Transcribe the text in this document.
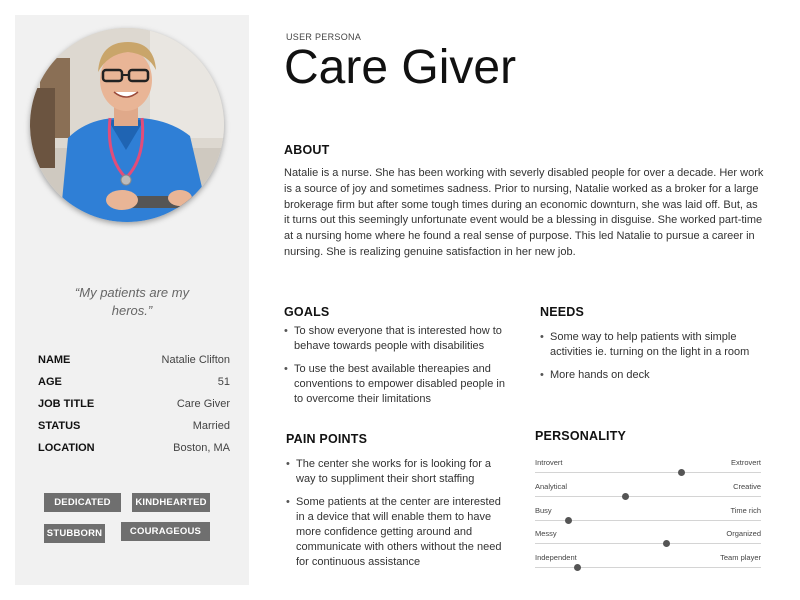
“My patients are my heros.”
NAME	Natalie Clifton
AGE	51
JOB TITLE	Care Giver
STATUS	Married
LOCATION	Boston, MA
DEDICATED	KINDHEARTED
STUBBORN	COURAGEOUS
USER PERSONA
Care Giver
ABOUT
Natalie is a nurse. She has been working with severly disabled people for over a decade. Her work is a source of joy and sometimes sadness. Prior to nursing, Natalie worked as a broker for a large brokerage firm but after some tough times during an economic downturn, she was laid off. But, as it turns out this seemingly unfortunate event would be a blessing in disguise. She worked part-time at a nursing home where he found a real sense of purpose. This led Natalie to pursue a career in nursing. She is realizing genuine satisfaction in her new job.
GOALS
• To show everyone that is interested how to behave towards people with disabilities
• To use the best available thereapies and conventions to empower disabled people in to overcome their limitations
NEEDS
• Some way to help patients with simple activities ie. turning on the light in a room
• More hands on deck
PAIN POINTS
• The center she works for is looking for a way to suppliment their short staffing
• Some patients at the center are interested in a device that will enable them to have more confidence getting around and communicate with others without the need for continuous assistance
PERSONALITY
Introvert	Extrovert
Analytical	Creative
Busy	Time rich
Messy	Organized
Independent	Team player
